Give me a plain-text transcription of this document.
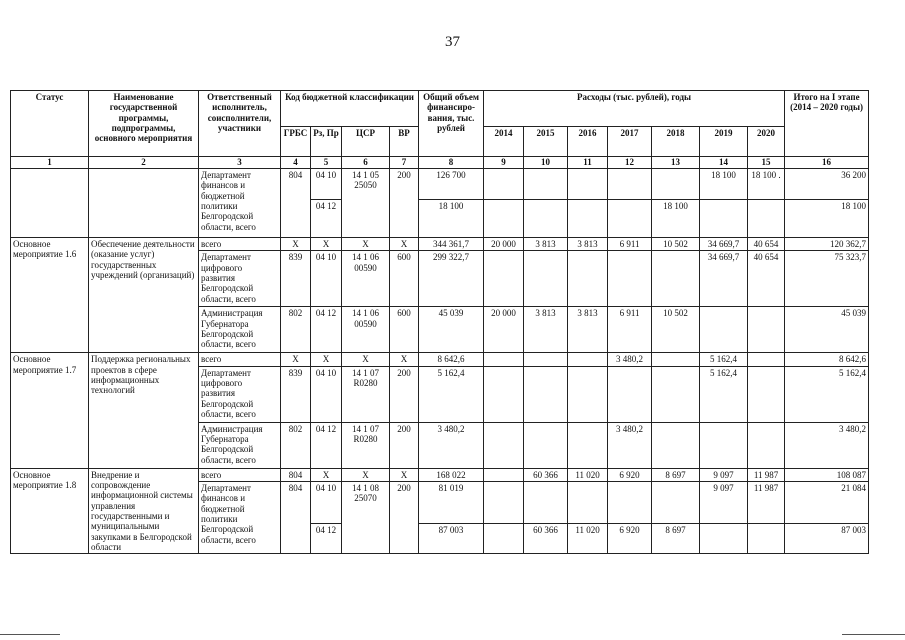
37
Статус	Наименование государственной программы, подпрограммы, основного мероприятия	Ответственный исполнитель, соисполнители, участники	Код бюджетной классификации				Общий объем финансиро-вания, тыс. рублей	Расходы (тыс. рублей), годы							Итого на I этапе (2014 – 2020 годы)
			ГРБС	Рз, Пр	ЦСР	ВР		2014	2015	2016	2017	2018	2019	2020	
1	2	3	4	5	6	7	8	9	10	11	12	13	14	15	16
		Департамент финансов и бюджетной политики Белгородской области, всего	804	04 10	14 1 05 25050	200	126 700						18 100	18 100 .	36 200
				04 12			18 100					18 100			18 100
Основное мероприятие 1.6	Обеспечение деятельности (оказание услуг) государственных учреждений (организаций)	всего	Х	Х	Х	Х	344 361,7	20 000	3 813	3 813	6 911	10 502	34 669,7	40 654	120 362,7
		Департамент цифрового развития Белгородской области, всего	839	04 10	14 1 06 00590	600	299 322,7						34 669,7	40 654	75 323,7
		Администрация Губернатора Белгородской области, всего	802	04 12	14 1 06 00590	600	45 039	20 000	3 813	3 813	6 911	10 502			45 039
Основное мероприятие 1.7	Поддержка региональных проектов в сфере информационных технологий	всего	Х	Х	Х	Х	8 642,6				3 480,2		5 162,4		8 642,6
		Департамент цифрового развития Белгородской области, всего	839	04 10	14 1 07 R0280	200	5 162,4						5 162,4		5 162,4
		Администрация Губернатора Белгородской области, всего	802	04 12	14 1 07 R0280	200	3 480,2				3 480,2				3 480,2
Основное мероприятие 1.8	Внедрение и сопровождение информационной системы управления государственными и муниципальными закупками в Белгородской области	всего	804	Х	Х	Х	168 022		60 366	11 020	6 920	8 697	9 097	11 987	108 087
		Департамент финансов и бюджетной политики Белгородской области, всего	804	04 10	14 1 08 25070	200	81 019						9 097	11 987	21 084
				04 12			87 003		60 366	11 020	6 920	8 697			87 003
